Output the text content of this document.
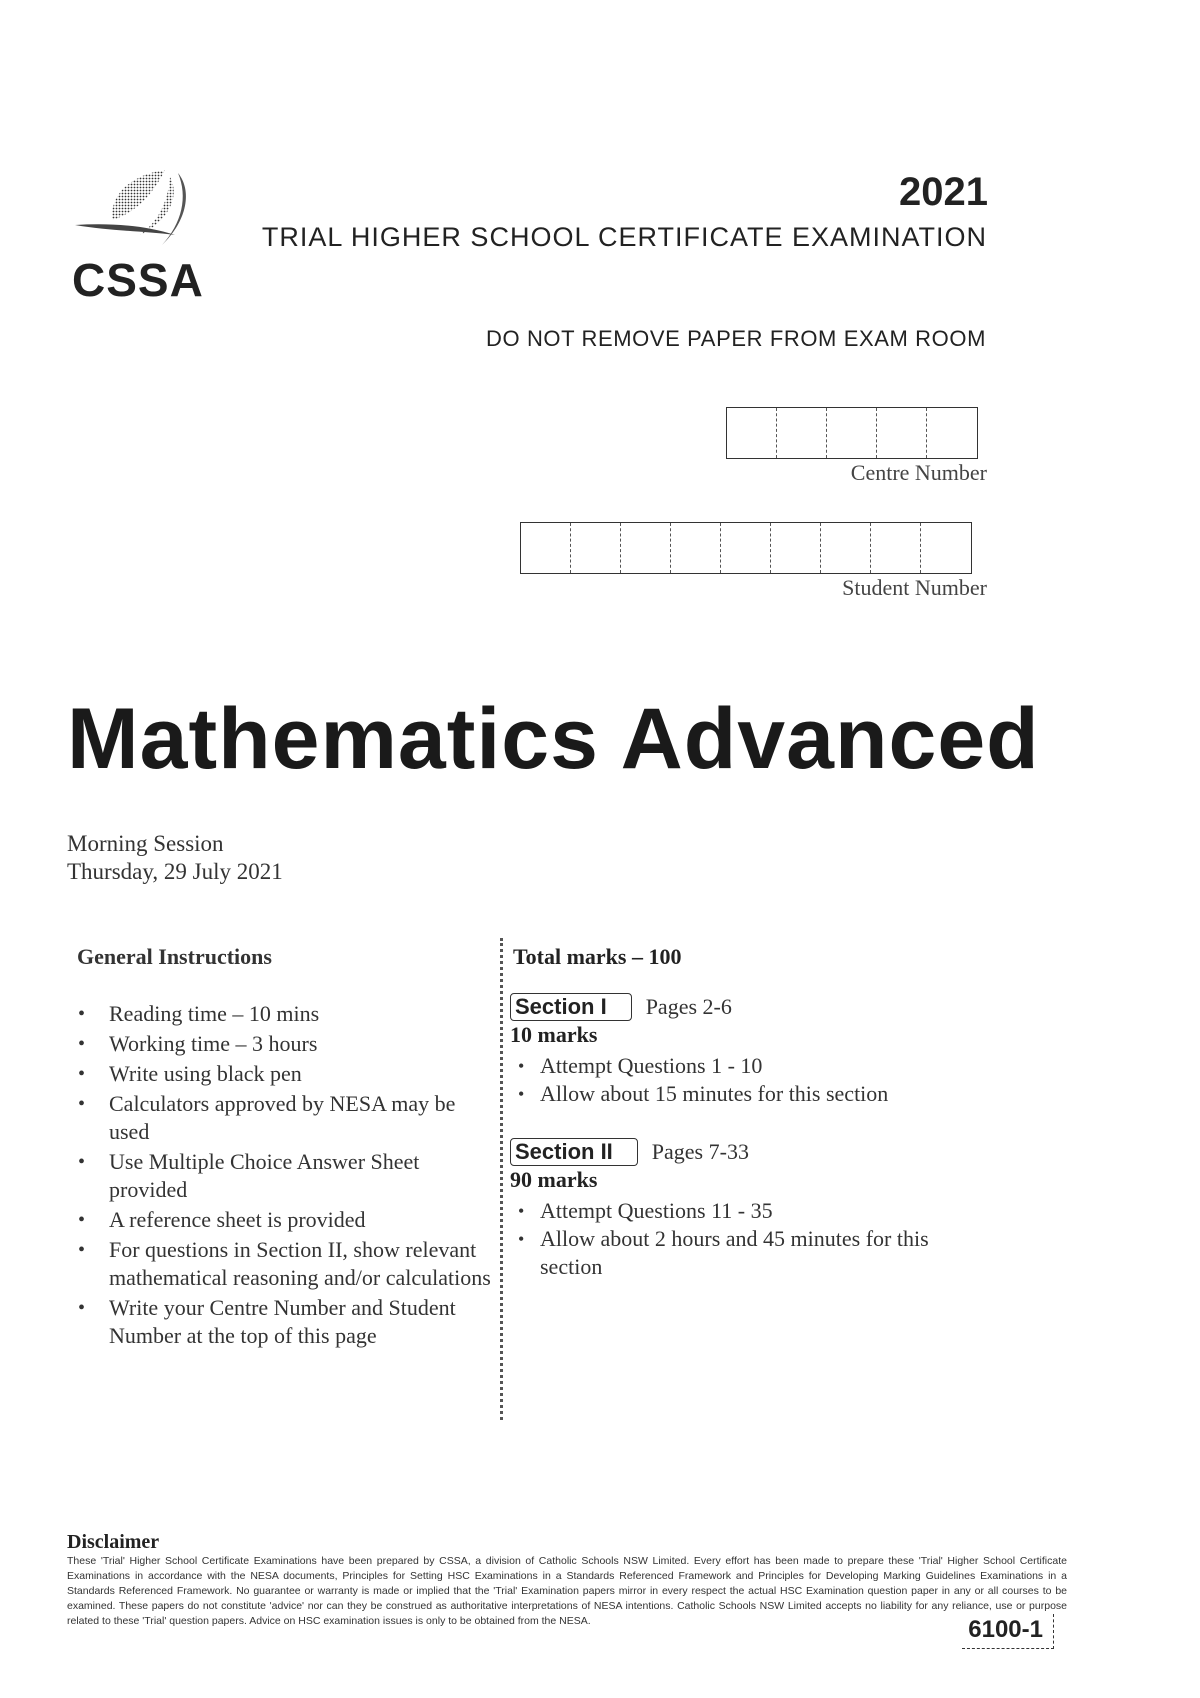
CSSA
2021
TRIAL HIGHER SCHOOL CERTIFICATE EXAMINATION
DO NOT REMOVE PAPER FROM EXAM ROOM
Centre Number
Student Number
Mathematics Advanced
Morning Session
Thursday, 29 July 2021
General Instructions
• Reading time – 10 mins
• Working time – 3 hours
• Write using black pen
• Calculators approved by NESA may be used
• Use Multiple Choice Answer Sheet provided
• A reference sheet is provided
• For questions in Section II, show relevant mathematical reasoning and/or calculations
• Write your Centre Number and Student Number at the top of this page
Total marks – 100
Section I	Pages 2-6
10 marks
• Attempt Questions 1 - 10
• Allow about 15 minutes for this section
Section II	Pages 7-33
90 marks
• Attempt Questions 11 - 35
• Allow about 2 hours and 45 minutes for this section
Disclaimer
These 'Trial' Higher School Certificate Examinations have been prepared by CSSA, a division of Catholic Schools NSW Limited. Every effort has been made to prepare these 'Trial' Higher School Certificate Examinations in accordance with the NESA documents, Principles for Setting HSC Examinations in a Standards Referenced Framework and Principles for Developing Marking Guidelines Examinations in a Standards Referenced Framework. No guarantee or warranty is made or implied that the 'Trial' Examination papers mirror in every respect the actual HSC Examination question paper in any or all courses to be examined. These papers do not constitute 'advice' nor can they be construed as authoritative interpretations of NESA intentions. Catholic Schools NSW Limited accepts no liability for any reliance, use or purpose related to these 'Trial' question papers. Advice on HSC examination issues is only to be obtained from the NESA.	6100-1
